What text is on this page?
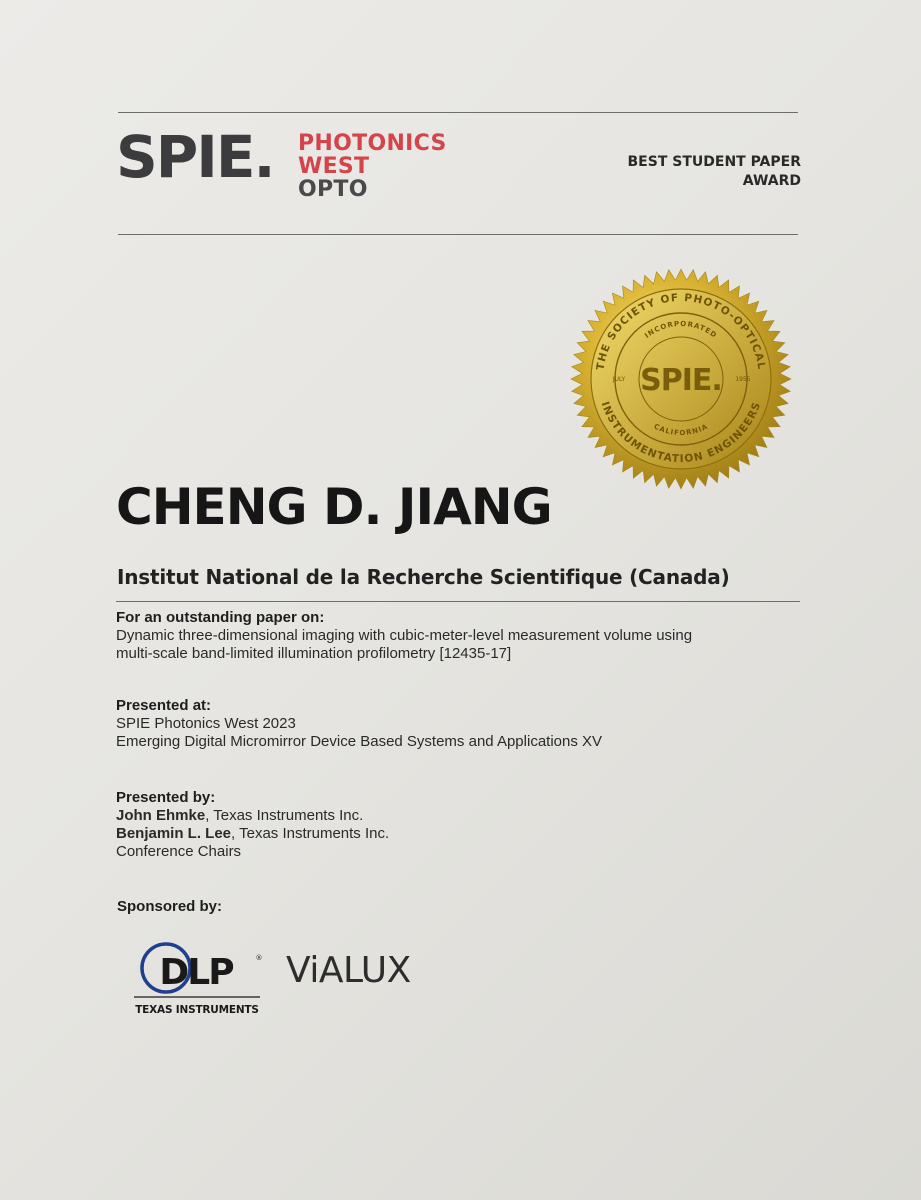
SPIE. PHOTONICS
WEST
OPTO
BEST STUDENT PAPER
AWARD
THE SOCIETY OF PHOTO-OPTICAL
INSTRUMENTATION ENGINEERS
INCORPORATED
CALIFORNIA
JULY	1955
SPIE.
CHENG D. JIANG
Institut National de la Recherche Scientifique (Canada)
For an outstanding paper on:
Dynamic three-dimensional imaging with cubic-meter-level measurement volume using
multi-scale band-limited illumination profilometry [12435-17]
Presented at:
SPIE Photonics West 2023
Emerging Digital Micromirror Device Based Systems and Applications XV
Presented by:
John Ehmke, Texas Instruments Inc.
Benjamin L. Lee, Texas Instruments Inc.
Conference Chairs
Sponsored by:
DLP	®
TEXAS INSTRUMENTS
ViALUX
